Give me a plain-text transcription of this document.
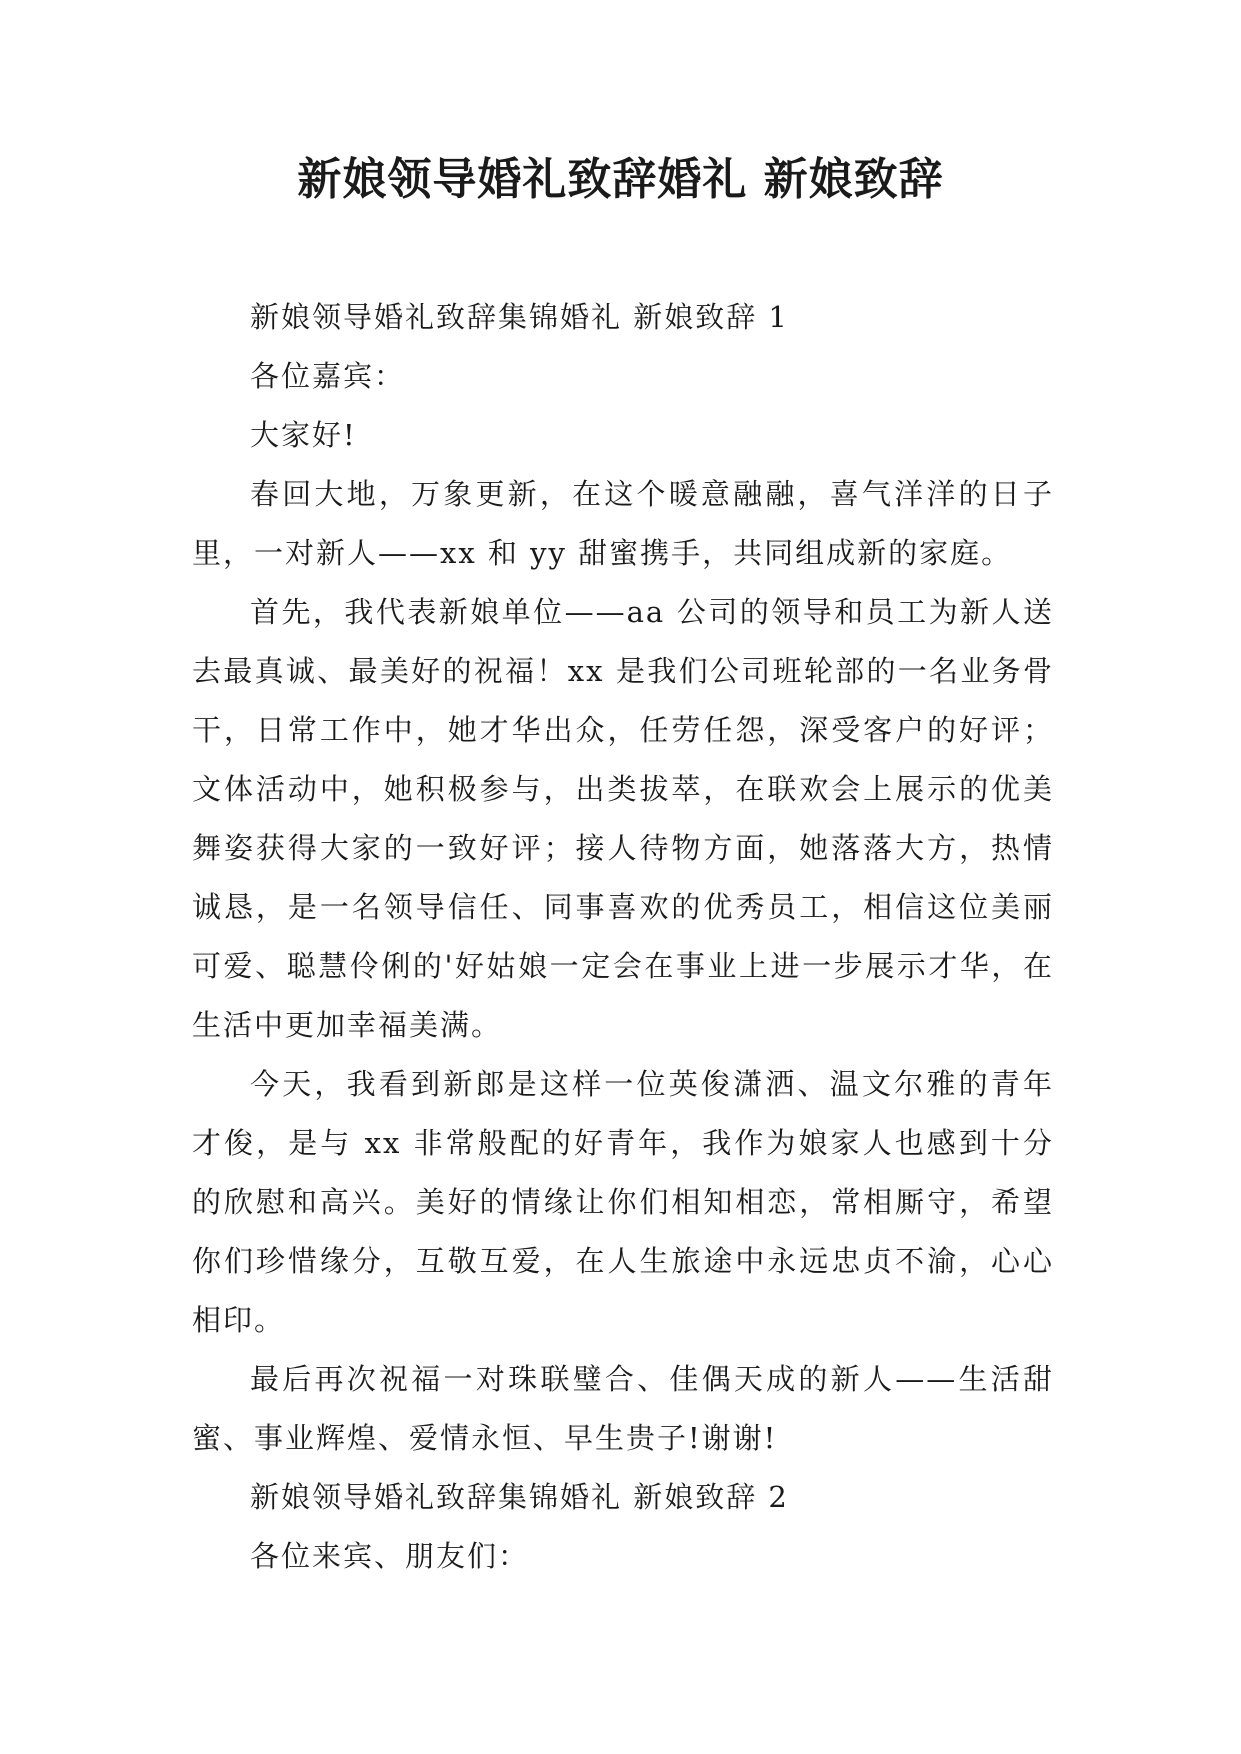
新娘领导婚礼致辞婚礼 新娘致辞

新娘领导婚礼致辞集锦婚礼 新娘致辞 1

各位嘉宾：

大家好!

春回大地，万象更新，在这个暖意融融，喜气洋洋的日子里，一对新人——xx 和 yy 甜蜜携手，共同组成新的家庭。

首先，我代表新娘单位——aa 公司的领导和员工为新人送去最真诚、最美好的祝福！xx 是我们公司班轮部的一名业务骨干，日常工作中，她才华出众，任劳任怨，深受客户的好评；文体活动中，她积极参与，出类拔萃，在联欢会上展示的优美舞姿获得大家的一致好评；接人待物方面，她落落大方，热情诚恳，是一名领导信任、同事喜欢的优秀员工，相信这位美丽可爱、聪慧伶俐的'好姑娘一定会在事业上进一步展示才华，在生活中更加幸福美满。

今天，我看到新郎是这样一位英俊潇洒、温文尔雅的青年才俊，是与 xx 非常般配的好青年，我作为娘家人也感到十分的欣慰和高兴。美好的情缘让你们相知相恋，常相厮守，希望你们珍惜缘分，互敬互爱，在人生旅途中永远忠贞不渝，心心相印。

最后再次祝福一对珠联璧合、佳偶天成的新人——生活甜蜜、事业辉煌、爱情永恒、早生贵子!谢谢!

新娘领导婚礼致辞集锦婚礼 新娘致辞 2

各位来宾、朋友们：
